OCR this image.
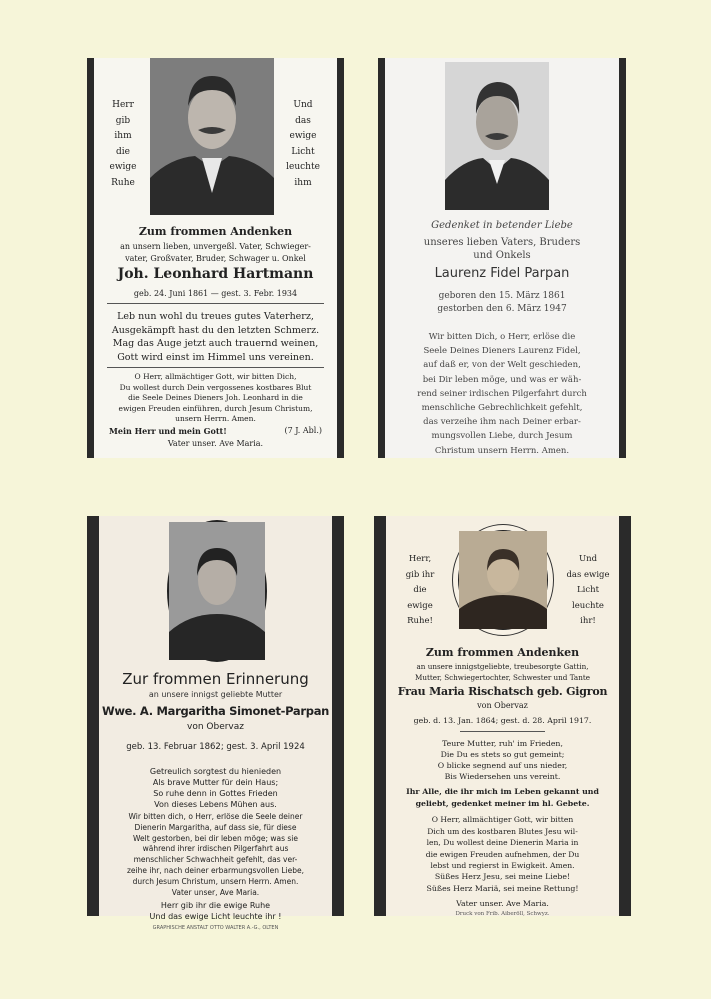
Herr
gib
ihm
die
ewige
Ruhe
Und
das
ewige
Licht
leuchte
ihm
Zum frommen Andenken
an unsern lieben, unvergeßl. Vater, Schwieger-
vater, Großvater, Bruder, Schwager u. Onkel
Joh. Leonhard Hartmann
geb. 24. Juni 1861 — gest. 3. Febr. 1934
Leb nun wohl du treues gutes Vaterherz,
Ausgekämpft hast du den letzten Schmerz.
Mag das Auge jetzt auch trauernd weinen,
Gott wird einst im Himmel uns vereinen.
O Herr, allmächtiger Gott, wir bitten Dich,
Du wollest durch Dein vergossenes kostbares Blut
die Seele Deines Dieners Joh. Leonhard in die
ewigen Freuden einführen, durch Jesum Christum,
unsern Herrn. Amen.
Mein Herr und mein Gott!	(7 J. Abl.)
Vater unser. Ave Maria.
Gedenket in betender Liebe
unseres lieben Vaters, Bruders
und Onkels
Laurenz Fidel Parpan
geboren den 15. März 1861
gestorben den 6. März 1947
Wir bitten Dich, o Herr, erlöse die
Seele Deines Dieners Laurenz Fidel,
auf daß er, von der Welt geschieden,
bei Dir leben möge, und was er wäh-
rend seiner irdischen Pilgerfahrt durch
menschliche Gebrechlichkeit gefehlt,
das verzeihe ihm nach Deiner erbar-
mungsvollen Liebe, durch Jesum
Christum unsern Herrn. Amen.
Zur frommen Erinnerung
an unsere innigst geliebte Mutter
Wwe. A. Margaritha Simonet-Parpan
von Obervaz
geb. 13. Februar 1862; gest. 3. April 1924
Getreulich sorgtest du hienieden
Als brave Mutter für dein Haus;
So ruhe denn in Gottes Frieden
Von dieses Lebens Mühen aus.
Wir bitten dich, o Herr, erlöse die Seele deiner
Dienerin Margaritha, auf dass sie, für diese
Welt gestorben, bei dir leben möge; was sie
während ihrer irdischen Pilgerfahrt aus
menschlicher Schwachheit gefehlt, das ver-
zeihe ihr, nach deiner erbarmungsvollen Liebe,
durch Jesum Christum, unsern Herrn. Amen.
Vater unser, Ave Maria.
Herr gib ihr die ewige Ruhe
Und das ewige Licht leuchte ihr !
GRAPHISCHE ANSTALT OTTO WALTER A.-G., OLTEN
Herr,
gib ihr
die
ewige
Ruhe!
Und
das ewige
Licht
leuchte
ihr!
Zum frommen Andenken
an unsere innigstgeliebte, treubesorgte Gattin,
Mutter, Schwiegertochter, Schwester und Tante
Frau Maria Rischatsch geb. Gigron
von Obervaz
geb. d. 13. Jan. 1864; gest. d. 28. April 1917.
Teure Mutter, ruh' im Frieden,
Die Du es stets so gut gemeint;
O blicke segnend auf uns nieder,
Bis Wiedersehen uns vereint.
Ihr Alle, die ihr mich im Leben gekannt und
geliebt, gedenket meiner im hl. Gebete.
O Herr, allmächtiger Gott, wir bitten
Dich um des kostbaren Blutes Jesu wil-
len, Du wollest deine Dienerin Maria in
die ewigen Freuden aufnehmen, der Du
lebst und regierst in Ewigkeit. Amen.
Süßes Herz Jesu, sei meine Liebe!
Süßes Herz Mariä, sei meine Rettung!
Vater unser. Ave Maria.
Druck von Frib. Aiberöll, Schwyz.
